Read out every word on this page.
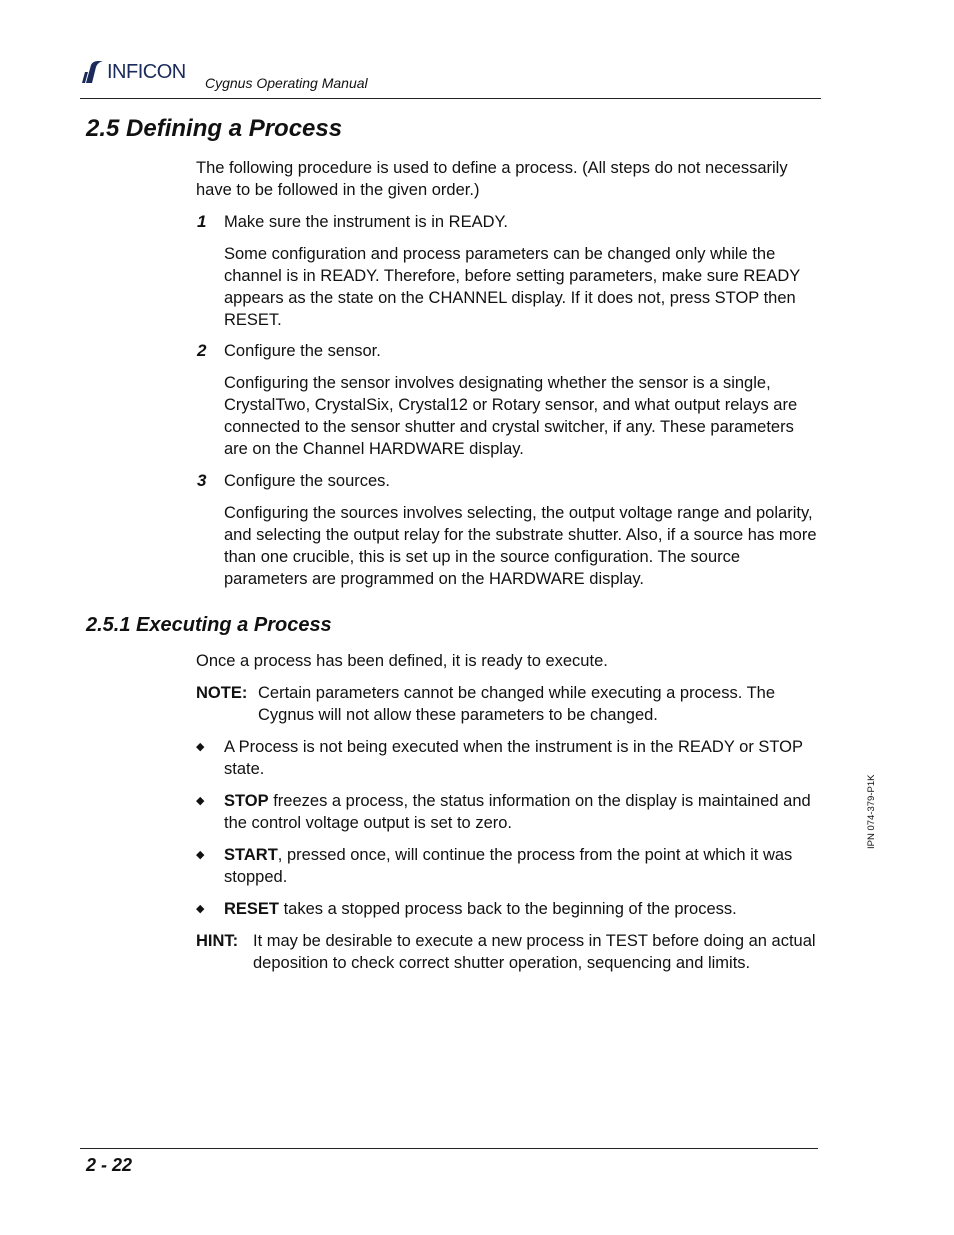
INFICON
Cygnus Operating Manual
2.5 Defining a Process
The following procedure is used to define a process. (All steps do not necessarily have to be followed in the given order.)
1 Make sure the instrument is in READY.
Some configuration and process parameters can be changed only while the channel is in READY. Therefore, before setting parameters, make sure READY appears as the state on the CHANNEL display. If it does not, press STOP then RESET.
2 Configure the sensor.
Configuring the sensor involves designating whether the sensor is a single, CrystalTwo, CrystalSix, Crystal12 or Rotary sensor, and what output relays are connected to the sensor shutter and crystal switcher, if any. These parameters are on the Channel HARDWARE display.
3 Configure the sources.
Configuring the sources involves selecting, the output voltage range and polarity, and selecting the output relay for the substrate shutter. Also, if a source has more than one crucible, this is set up in the source configuration. The source parameters are programmed on the HARDWARE display.
2.5.1 Executing a Process
Once a process has been defined, it is ready to execute.
NOTE: Certain parameters cannot be changed while executing a process. The Cygnus will not allow these parameters to be changed.
◆ A Process is not being executed when the instrument is in the READY or STOP state.
◆ STOP freezes a process, the status information on the display is maintained and the control voltage output is set to zero.
◆ START, pressed once, will continue the process from the point at which it was stopped.
◆ RESET takes a stopped process back to the beginning of the process.
HINT: It may be desirable to execute a new process in TEST before doing an actual deposition to check correct shutter operation, sequencing and limits.
IPN 074-379-P1K
2 - 22
